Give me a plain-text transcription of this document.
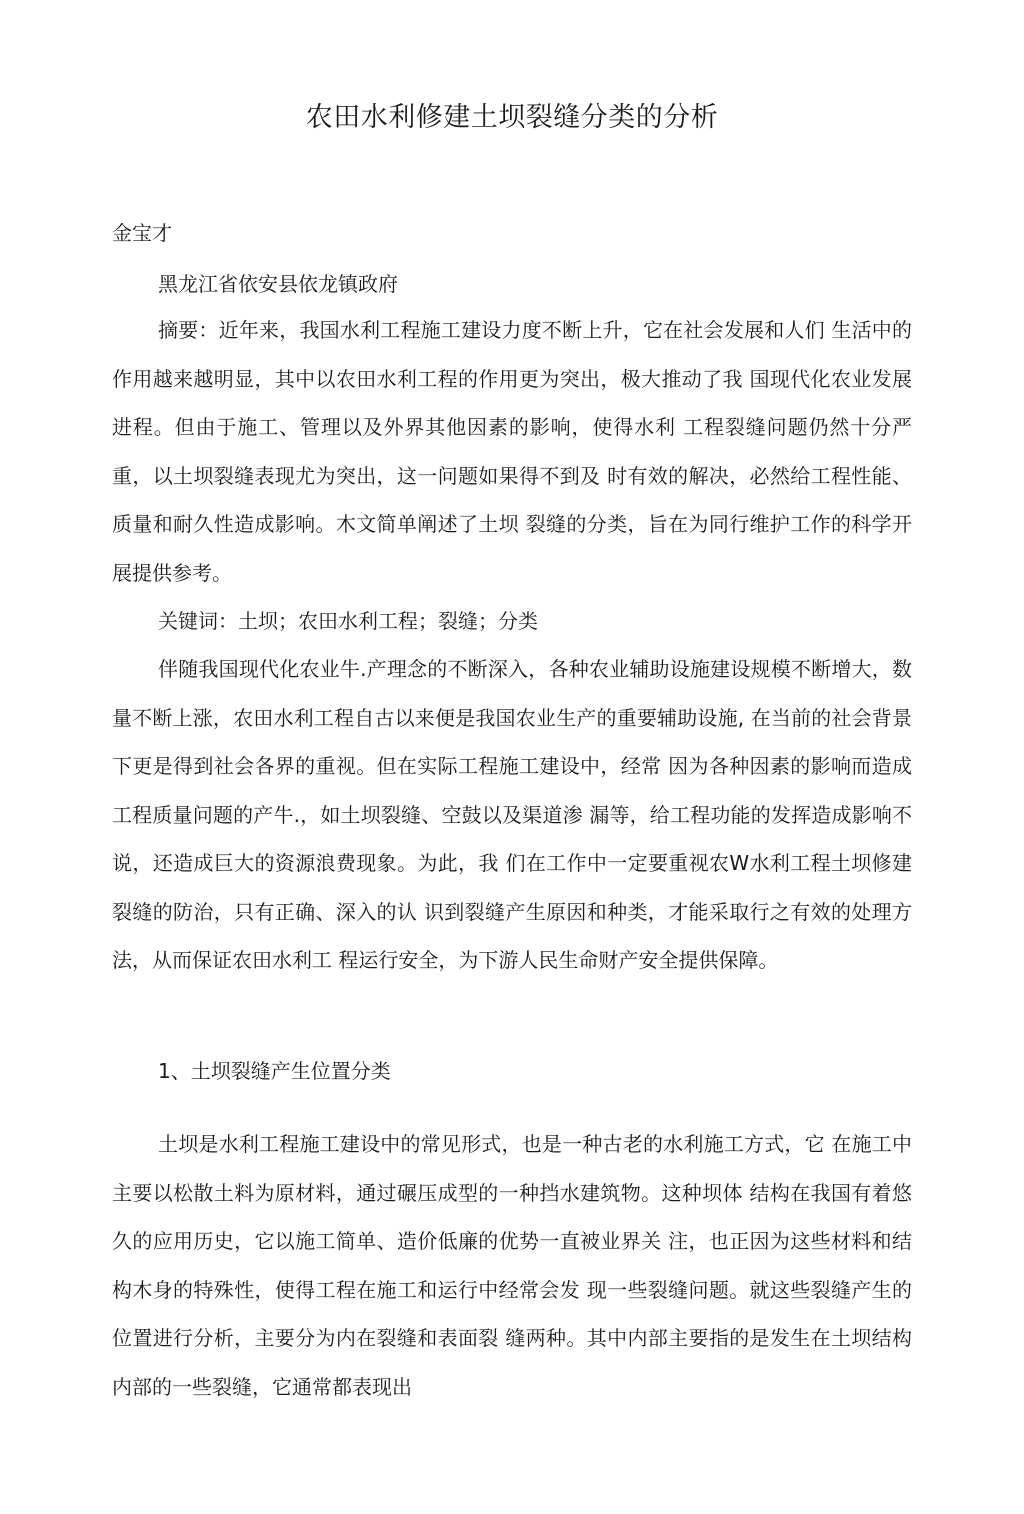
农田水利修建土坝裂缝分类的分析
金宝才

黑龙江省依安县依龙镇政府

摘要：近年来，我国水利工程施工建设力度不断上升，它在社会发展和人们 生活中的作用越来越明显，其中以农田水利工程的作用更为突出，极大推动了我 国现代化农业发展进程。但由于施工、管理以及外界其他因素的影响，使得水利 工程裂缝问题仍然十分严重，以土坝裂缝表现尤为突出，这一问题如果得不到及 时有效的解决，必然给工程性能、质量和耐久性造成影响。木文简单阐述了土坝 裂缝的分类，旨在为同行维护工作的科学开展提供参考。

关键词：土坝；农田水利工程；裂缝；分类

伴随我国现代化农业牛.产理念的不断深入，各种农业辅助设施建设规模不断增大，数量不断上涨，农田水利工程自古以来便是我国农业生产的重要辅助设施, 在当前的社会背景下更是得到社会各界的重视。但在实际工程施工建设中，经常 因为各种因素的影响而造成工程质量问题的产牛.，如土坝裂缝、空鼓以及渠道渗 漏等，给工程功能的发挥造成影响不说，还造成巨大的资源浪费现象。为此，我 们在工作中一定要重视农W水利工程土坝修建裂缝的防治，只有正确、深入的认 识到裂缝产生原因和种类，才能采取行之有效的处理方法，从而保证农田水利工 程运行安全，为下游人民生命财产安全提供保障。

1、土坝裂缝产生位置分类

土坝是水利工程施工建设中的常见形式，也是一种古老的水利施工方式，它 在施工中主要以松散土料为原材料，通过碾压成型的一种挡水建筑物。这种坝体 结构在我国有着悠久的应用历史，它以施工简单、造价低廉的优势一直被业界关 注，也正因为这些材料和结构木身的特殊性，使得工程在施工和运行中经常会发 现一些裂缝问题。就这些裂缝产生的位置进行分析，主要分为内在裂缝和表面裂 缝两种。其中内部主要指的是发生在土坝结构内部的一些裂缝，它通常都表现出
